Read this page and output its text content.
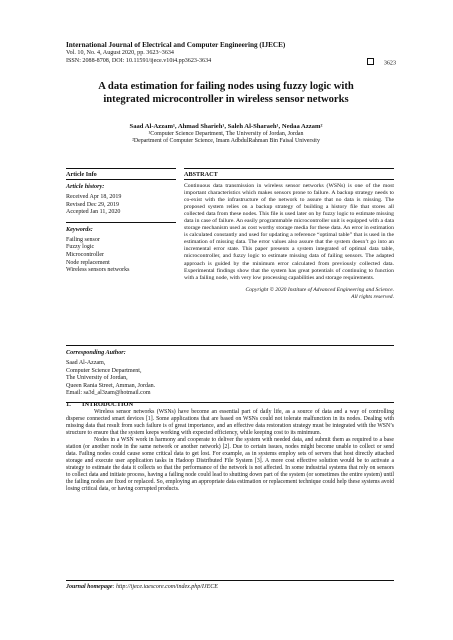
International Journal of Electrical and Computer Engineering (IJECE)
Vol. 10, No. 4, August 2020, pp. 3623~3634
ISSN: 2088-8708, DOI: 10.11591/ijece.v10i4.pp3623-3634	3623
A data estimation for failing nodes using fuzzy logic with
integrated microcontroller in wireless sensor networks
Saad Al-Azzam¹, Ahmad Sharieh¹, Saleh Al-Sharaeh¹, Nedaa Azzam²
¹Computer Science Department, The University of Jordan, Jordan
²Department of Computer Science, Imam AdbdulRahman Bin Faisal University
Article Info
Article history:
Received Apr 18, 2019
Revised Dec 29, 2019
Accepted Jan 11, 2020
Keywords:
Failing sensor
Fuzzy logic
Microcontroller
Node replacement
Wireless sensors networks
ABSTRACT
Continuous data transmission in wireless sensor networks (WSNs) is one of the most important characteristics which makes sensors prone to failure. A backup strategy needs to co-exist with the infrastructure of the network to assure that no data is missing. The proposed system relies on a backup strategy of building a history file that stores all collected data from these nodes. This file is used later on by fuzzy logic to estimate missing data in case of failure. An easily programmable microcontroller unit is equipped with a data storage mechanism used as cost worthy storage media for these data. An error in estimation is calculated constantly and used for updating a reference “optimal table” that is used in the estimation of missing data. The error values also assure that the system doesn’t go into an incremental error state. This paper presents a system integrated of optimal data table, microcontroller, and fuzzy logic to estimate missing data of failing sensors. The adapted approach is guided by the minimum error calculated from previously collected data. Experimental findings show that the system has great potentials of continuing to function with a failing node, with very low processing capabilities and storage requirements.
Copyright © 2020 Institute of Advanced Engineering and Science.
All rights reserved.
Corresponding Author:
Saad Al-Azzam,
Computer Science Department,
The University of Jordan,
Queen Rania Street, Amman, Jordan.
Email: sa3d_al3zam@hotmail.com
1. INTRODUCTION
Wireless sensor networks (WSNs) have become an essential part of daily life, as a source of data and a way of controlling disperse connected smart devices [1]. Some applications that are based on WSNs could not tolerate malfunction in its nodes. Dealing with missing data that result from such failure is of great importance, and an effective data restoration strategy must be integrated with the WSN’s structure to ensure that the system keeps working with expected efficiency, while keeping cost to its minimum.
Nodes in a WSN work in harmony and cooperate to deliver the system with needed data, and submit them as required to a base station (or another node in the same network or another network) [2]. Due to certain issues, nodes might become unable to collect or send data. Failing nodes could cause some critical data to get lost. For example, as in systems employ sets of servers that host directly attached storage and execute user application tasks in Hadoop Distributed File System [3]. A more cost effective solution would be to activate a strategy to estimate the data it collects so that the performance of the network is not affected. In some industrial systems that rely on sensors to collect data and initiate process, having a failing node could lead to shutting down part of the system (or sometimes the entire system) until the failing nodes are fixed or replaced. So, employing an appropriate data estimation or replacement technique could help these systems avoid losing critical data, or having corrupted products.
Journal homepage: http://ijece.iaescore.com/index.php/IJECE
